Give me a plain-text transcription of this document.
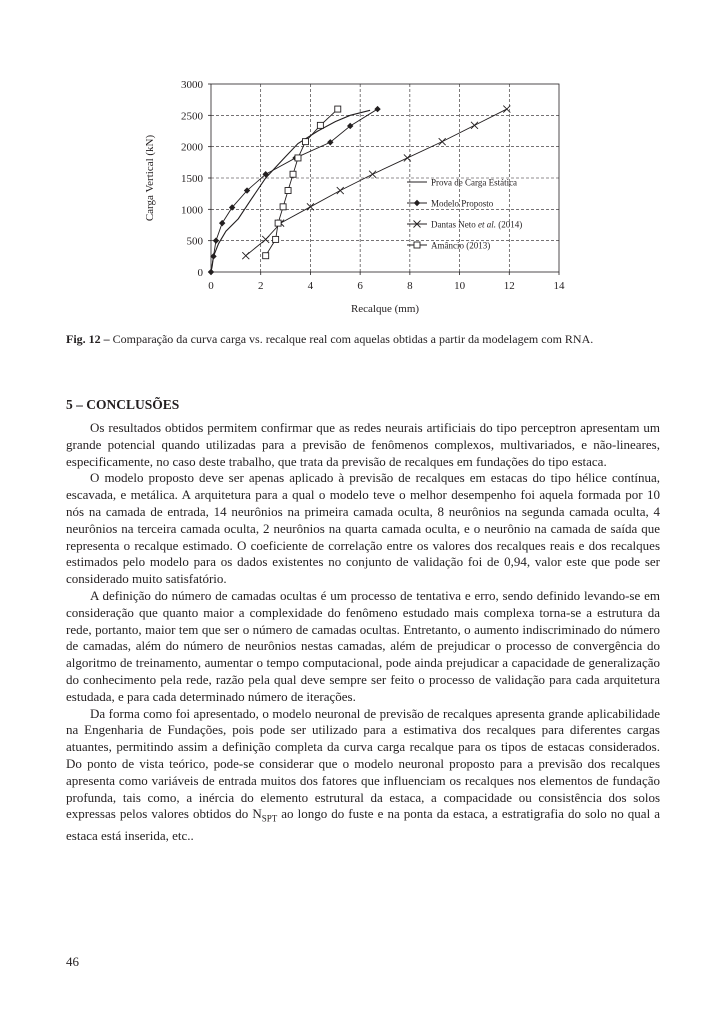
0
500
1000
1500
2000
2500
3000
0	2	4	6	8	10	12	14
Carga Vertical (kN)
Recalque (mm)
Prova de Carga Estática
Modelo Proposto
Dantas Neto et al. (2014)
Amâncio (2013)
Fig. 12 – Comparação da curva carga vs. recalque real com aquelas obtidas a partir da modelagem com RNA.
5 – CONCLUSÕES

Os resultados obtidos permitem confirmar que as redes neurais artificiais do tipo perceptron apresentam um grande potencial quando utilizadas para a previsão de fenômenos complexos, multivariados, e não-lineares, especificamente, no caso deste trabalho, que trata da previsão de recalques em fundações do tipo estaca.

O modelo proposto deve ser apenas aplicado à previsão de recalques em estacas do tipo hélice contínua, escavada, e metálica. A arquitetura para a qual o modelo teve o melhor desempenho foi aquela formada por 10 nós na camada de entrada, 14 neurônios na primeira camada oculta, 8 neurônios na segunda camada oculta, 4 neurônios na terceira camada oculta, 2 neurônios na quarta camada oculta, e o neurônio na camada de saída que representa o recalque estimado. O coeficiente de correlação entre os valores dos recalques reais e dos recalques estimados pelo modelo para os dados existentes no conjunto de validação foi de 0,94, valor este que pode ser considerado muito satisfatório.

A definição do número de camadas ocultas é um processo de tentativa e erro, sendo definido levando-se em consideração que quanto maior a complexidade do fenômeno estudado mais complexa torna-se a estrutura da rede, portanto, maior tem que ser o número de camadas ocultas. Entretanto, o aumento indiscriminado do número de camadas, além do número de neurônios nestas camadas, além de prejudicar o processo de convergência do algoritmo de treinamento, aumentar o tempo computacional, pode ainda prejudicar a capacidade de generalização do conhecimento pela rede, razão pela qual deve sempre ser feito o processo de validação para cada arquitetura estudada, e para cada determinado número de iterações.

Da forma como foi apresentado, o modelo neuronal de previsão de recalques apresenta grande aplicabilidade na Engenharia de Fundações, pois pode ser utilizado para a estimativa dos recalques para diferentes cargas atuantes, permitindo assim a definição completa da curva carga recalque para os tipos de estacas considerados. Do ponto de vista teórico, pode-se considerar que o modelo neuronal proposto para a previsão dos recalques apresenta como variáveis de entrada muitos dos fatores que influenciam os recalques nos elementos de fundação profunda, tais como, a inércia do elemento estrutural da estaca, a compacidade ou consistência dos solos expressas pelos valores obtidos do $N_{SPT}$ ao longo do fuste e na ponta da estaca, a estratigrafia do solo no qual a estaca está inserida, etc..

46
